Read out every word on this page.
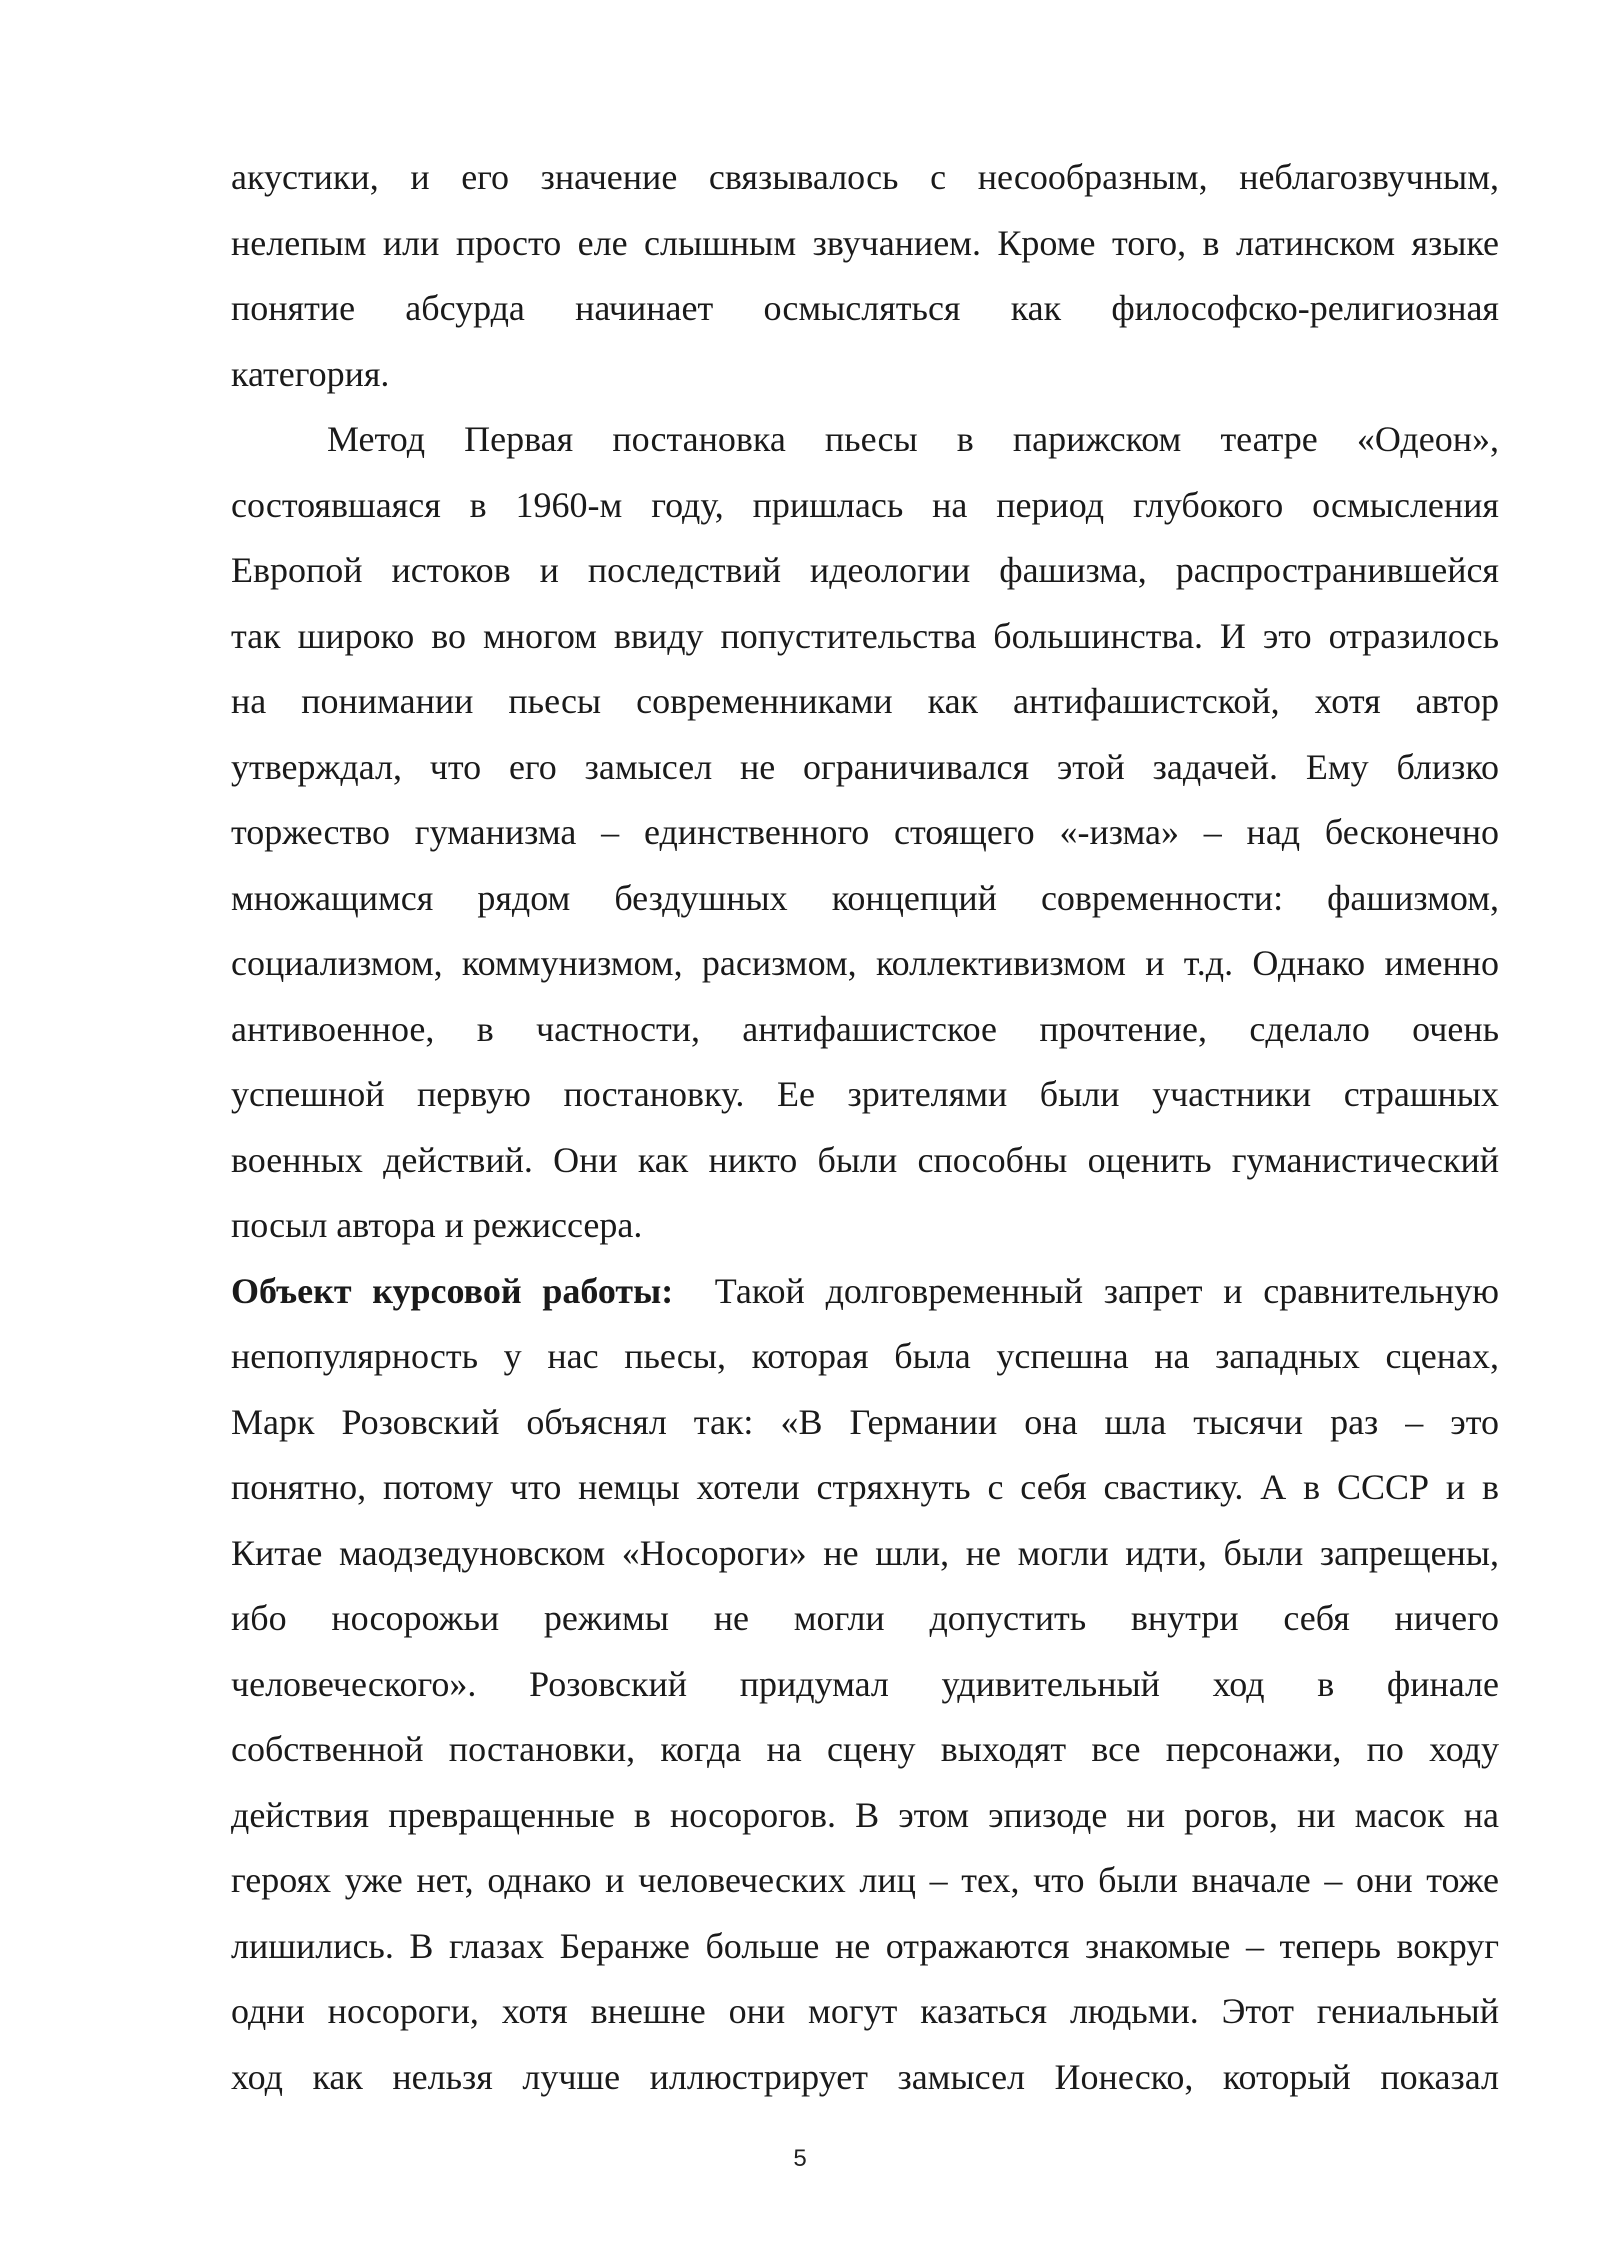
акустики, и его значение связывалось с несообразным, неблагозвучным,
нелепым или просто еле слышным звучанием. Кроме того, в латинском языке
понятие абсурда начинает осмысляться как философско-религиозная
категория.
Метод Первая постановка пьесы в парижском театре «Одеон»,
состоявшаяся в 1960-м году, пришлась на период глубокого осмысления
Европой истоков и последствий идеологии фашизма, распространившейся
так широко во многом ввиду попустительства большинства. И это отразилось
на понимании пьесы современниками как антифашистской, хотя автор
утверждал, что его замысел не ограничивался этой задачей. Ему близко
торжество гуманизма – единственного стоящего «-изма» – над бесконечно
множащимся рядом бездушных концепций современности: фашизмом,
социализмом, коммунизмом, расизмом, коллективизмом и т.д. Однако именно
антивоенное, в частности, антифашистское прочтение, сделало очень
успешной первую постановку. Ее зрителями были участники страшных
военных действий. Они как никто были способны оценить гуманистический
посыл автора и режиссера.
Объект курсовой работы: Такой долговременный запрет и сравнительную
непопулярность у нас пьесы, которая была успешна на западных сценах,
Марк Розовский объяснял так: «В Германии она шла тысячи раз – это
понятно, потому что немцы хотели стряхнуть с себя свастику. А в СССР и в
Китае маодзедуновском «Носороги» не шли, не могли идти, были запрещены,
ибо носорожьи режимы не могли допустить внутри себя ничего
человеческого». Розовский придумал удивительный ход в финале
собственной постановки, когда на сцену выходят все персонажи, по ходу
действия превращенные в носорогов. В этом эпизоде ни рогов, ни масок на
героях уже нет, однако и человеческих лиц – тех, что были вначале – они тоже
лишились. В глазах Беранже больше не отражаются знакомые – теперь вокруг
одни носороги, хотя внешне они могут казаться людьми. Этот гениальный
ход как нельзя лучше иллюстрирует замысел Ионеско, который показал
5
